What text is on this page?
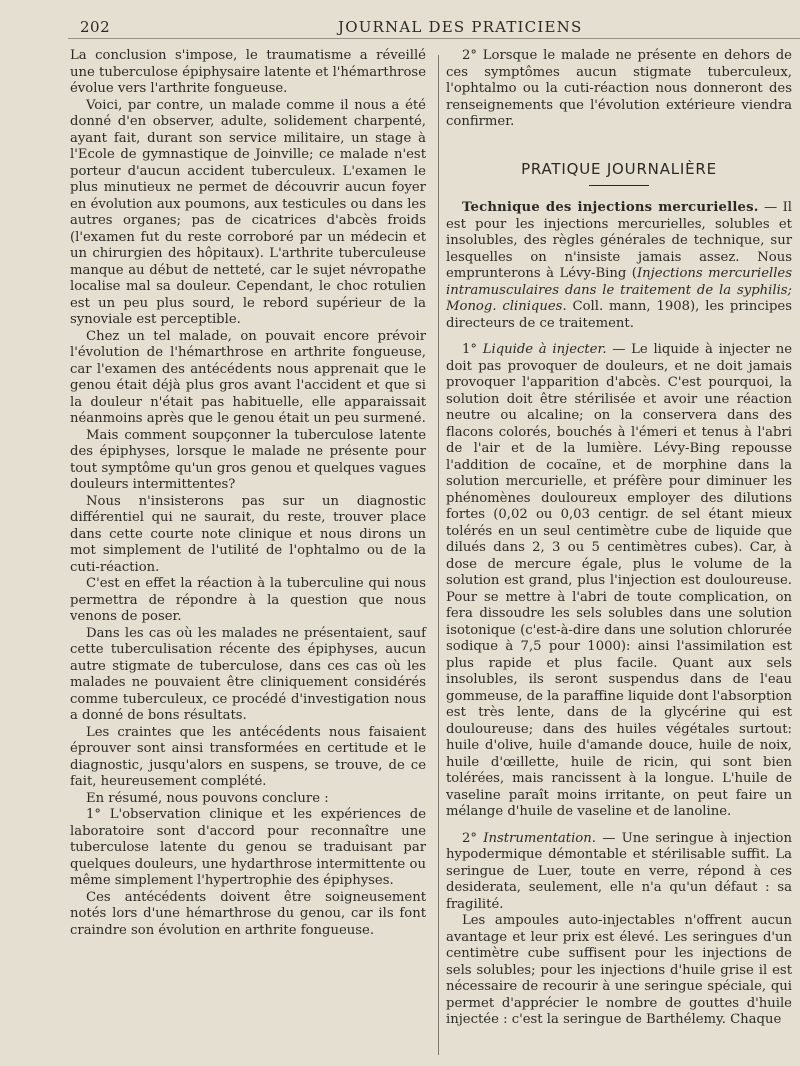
202	JOURNAL DES PRATICIENS

La conclusion s'impose, le traumatisme a réveillé une tuberculose épiphysaire latente et l'hémarthrose évolue vers l'arthrite fongueuse.

Voici, par contre, un malade comme il nous a été donné d'en observer, adulte, solidement charpenté, ayant fait, durant son service militaire, un stage à l'Ecole de gymnastique de Joinville; ce malade n'est porteur d'aucun accident tuberculeux. L'examen le plus minutieux ne permet de découvrir aucun foyer en évolution aux poumons, aux testicules ou dans les autres organes; pas de cicatrices d'abcès froids (l'examen fut du reste corroboré par un médecin et un chirurgien des hôpitaux). L'arthrite tuberculeuse manque au début de netteté, car le sujet névropathe localise mal sa douleur. Cependant, le choc rotulien est un peu plus sourd, le rebord supérieur de la synoviale est perceptible.

Chez un tel malade, on pouvait encore prévoir l'évolution de l'hémarthrose en arthrite fongueuse, car l'examen des antécédents nous apprenait que le genou était déjà plus gros avant l'accident et que si la douleur n'était pas habituelle, elle apparaissait néanmoins après que le genou était un peu surmené.

Mais comment soupçonner la tuberculose latente des épiphyses, lorsque le malade ne présente pour tout symptôme qu'un gros genou et quelques vagues douleurs intermittentes?

Nous n'insisterons pas sur un diagnostic différentiel qui ne saurait, du reste, trouver place dans cette courte note clinique et nous dirons un mot simplement de l'utilité de l'ophtalmo ou de la cuti-réaction.

C'est en effet la réaction à la tuberculine qui nous permettra de répondre à la question que nous venons de poser.

Dans les cas où les malades ne présentaient, sauf cette tuberculisation récente des épiphyses, aucun autre stigmate de tuberculose, dans ces cas où les malades ne pouvaient être cliniquement considérés comme tuberculeux, ce procédé d'investigation nous a donné de bons résultats.

Les craintes que les antécédents nous faisaient éprouver sont ainsi transformées en certitude et le diagnostic, jusqu'alors en suspens, se trouve, de ce fait, heureusement complété.

En résumé, nous pouvons conclure :

1° L'observation clinique et les expériences de laboratoire sont d'accord pour reconnaître une tuberculose latente du genou se traduisant par quelques douleurs, une hydarthrose intermittente ou même simplement l'hypertrophie des épiphyses.

Ces antécédents doivent être soigneusement notés lors d'une hémarthrose du genou, car ils font craindre son évolution en arthrite fongueuse.

2° Lorsque le malade ne présente en dehors de ces symptômes aucun stigmate tuberculeux, l'ophtalmo ou la cuti-réaction nous donneront des renseignements que l'évolution extérieure viendra confirmer.

PRATIQUE JOURNALIÈRE

Technique des injections mercurielles. — Il est pour les injections mercurielles, solubles et insolubles, des règles générales de technique, sur lesquelles on n'insiste jamais assez. Nous emprunterons à Lévy-Bing (Injections mercurielles intramusculaires dans le traitement de la syphilis; Monog. cliniques. Coll. mann, 1908), les principes directeurs de ce traitement.

1° Liquide à injecter. — Le liquide à injecter ne doit pas provoquer de douleurs, et ne doit jamais provoquer l'apparition d'abcès. C'est pourquoi, la solution doit être stérilisée et avoir une réaction neutre ou alcaline; on la conservera dans des flacons colorés, bouchés à l'émeri et tenus à l'abri de l'air et de la lumière. Lévy-Bing repousse l'addition de cocaïne, et de morphine dans la solution mercurielle, et préfère pour diminuer les phénomènes douloureux employer des dilutions fortes (0,02 ou 0,03 centigr. de sel étant mieux tolérés en un seul centimètre cube de liquide que dilués dans 2, 3 ou 5 centimètres cubes). Car, à dose de mercure égale, plus le volume de la solution est grand, plus l'injection est douloureuse. Pour se mettre à l'abri de toute complication, on fera dissoudre les sels solubles dans une solution isotonique (c'est-à-dire dans une solution chlorurée sodique à 7,5 pour 1000): ainsi l'assimilation est plus rapide et plus facile. Quant aux sels insolubles, ils seront suspendus dans de l'eau gommeuse, de la paraffine liquide dont l'absorption est très lente, dans de la glycérine qui est douloureuse; dans des huiles végétales surtout: huile d'olive, huile d'amande douce, huile de noix, huile d'œillette, huile de ricin, qui sont bien tolérées, mais rancissent à la longue. L'huile de vaseline paraît moins irritante, on peut faire un mélange d'huile de vaseline et de lanoline.

2° Instrumentation. — Une seringue à injection hypodermique démontable et stérilisable suffit. La seringue de Luer, toute en verre, répond à ces desiderata, seulement, elle n'a qu'un défaut : sa fragilité.

Les ampoules auto-injectables n'offrent aucun avantage et leur prix est élevé. Les seringues d'un centimètre cube suffisent pour les injections de sels solubles; pour les injections d'huile grise il est nécessaire de recourir à une seringue spéciale, qui permet d'apprécier le nombre de gouttes d'huile injectée : c'est la seringue de Barthélemy. Chaque
